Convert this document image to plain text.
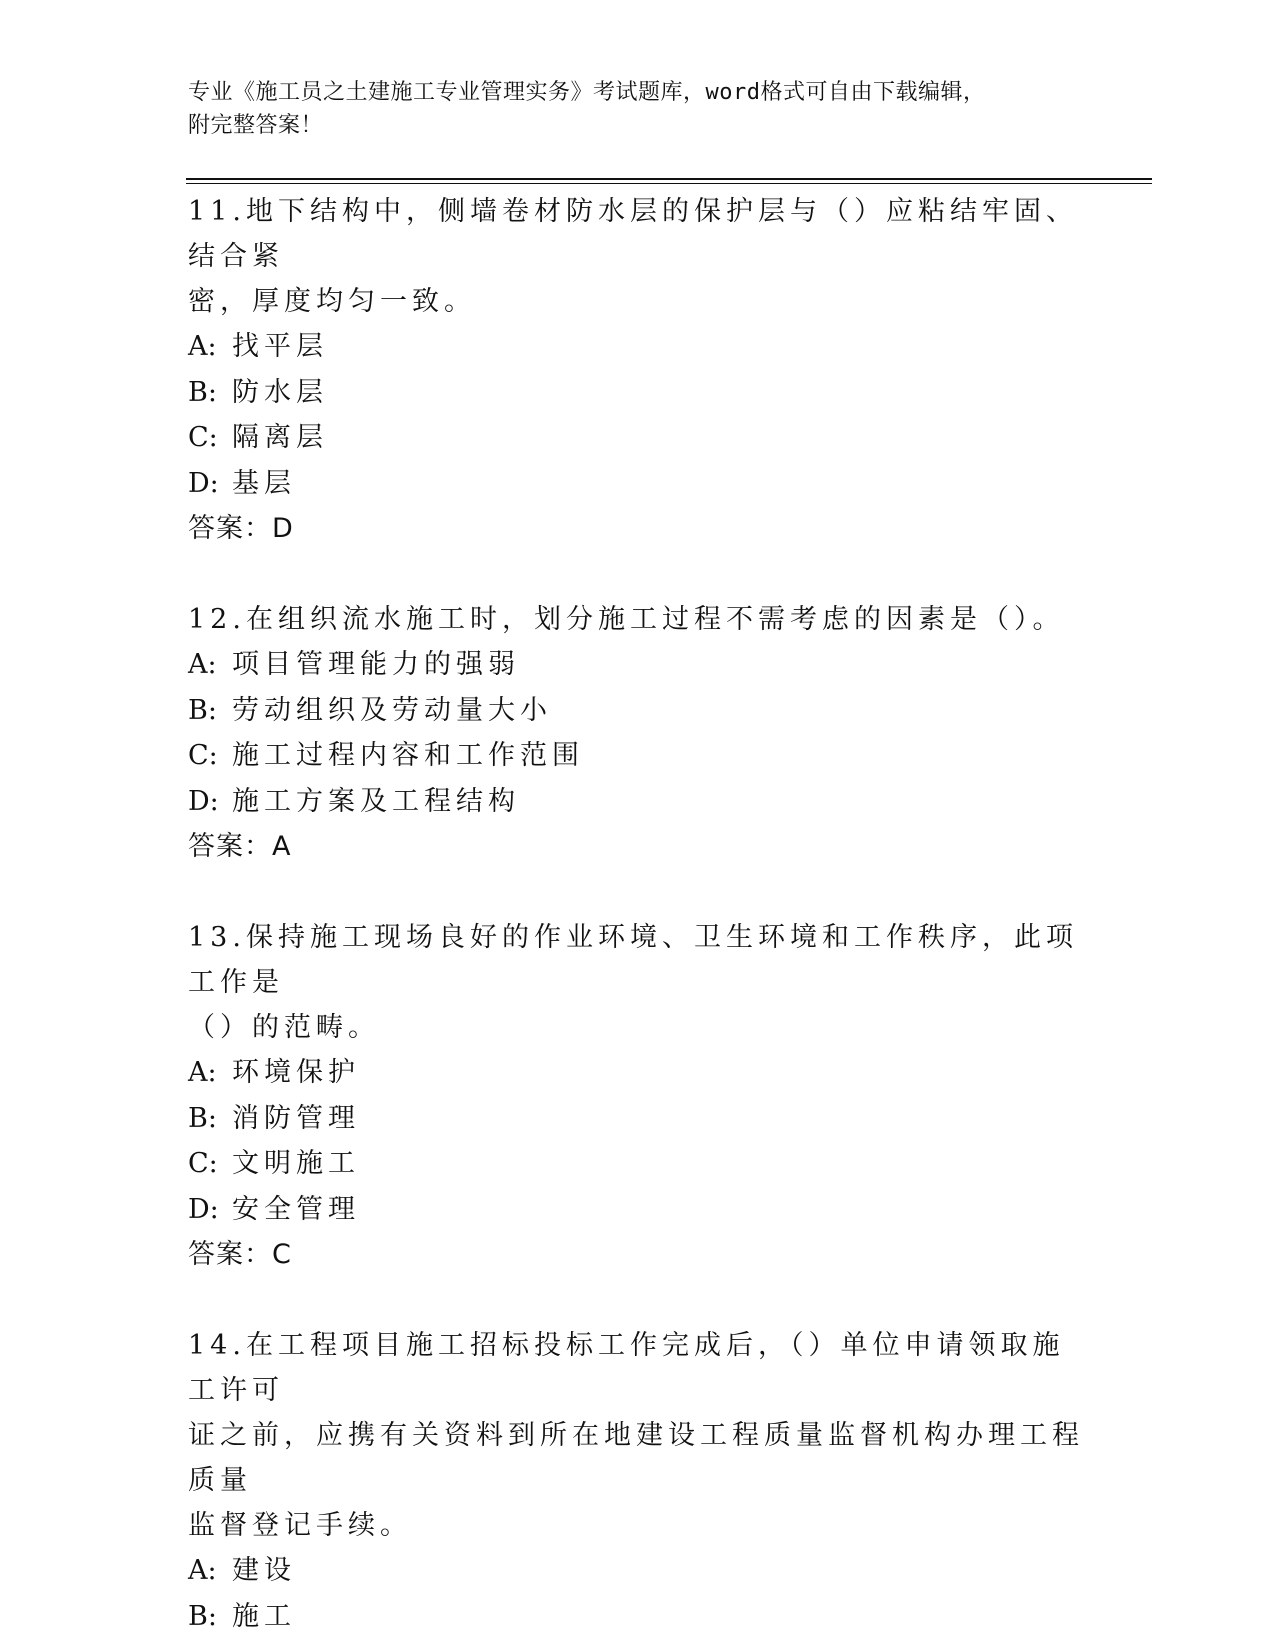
专业《施工员之土建施工专业管理实务》考试题库，word格式可自由下载编辑，
附完整答案！
11.地下结构中，侧墙卷材防水层的保护层与（）应粘结牢固、结合紧
密，厚度均匀一致。
A: 找平层
B: 防水层
C: 隔离层
D: 基层
答案：D
12.在组织流水施工时，划分施工过程不需考虑的因素是（）。
A: 项目管理能力的强弱
B: 劳动组织及劳动量大小
C: 施工过程内容和工作范围
D: 施工方案及工程结构
答案：A
13.保持施工现场良好的作业环境、卫生环境和工作秩序，此项工作是
（）的范畴。
A: 环境保护
B: 消防管理
C: 文明施工
D: 安全管理
答案：C
14.在工程项目施工招标投标工作完成后，（）单位申请领取施工许可
证之前，应携有关资料到所在地建设工程质量监督机构办理工程质量
监督登记手续。
A: 建设
B: 施工
